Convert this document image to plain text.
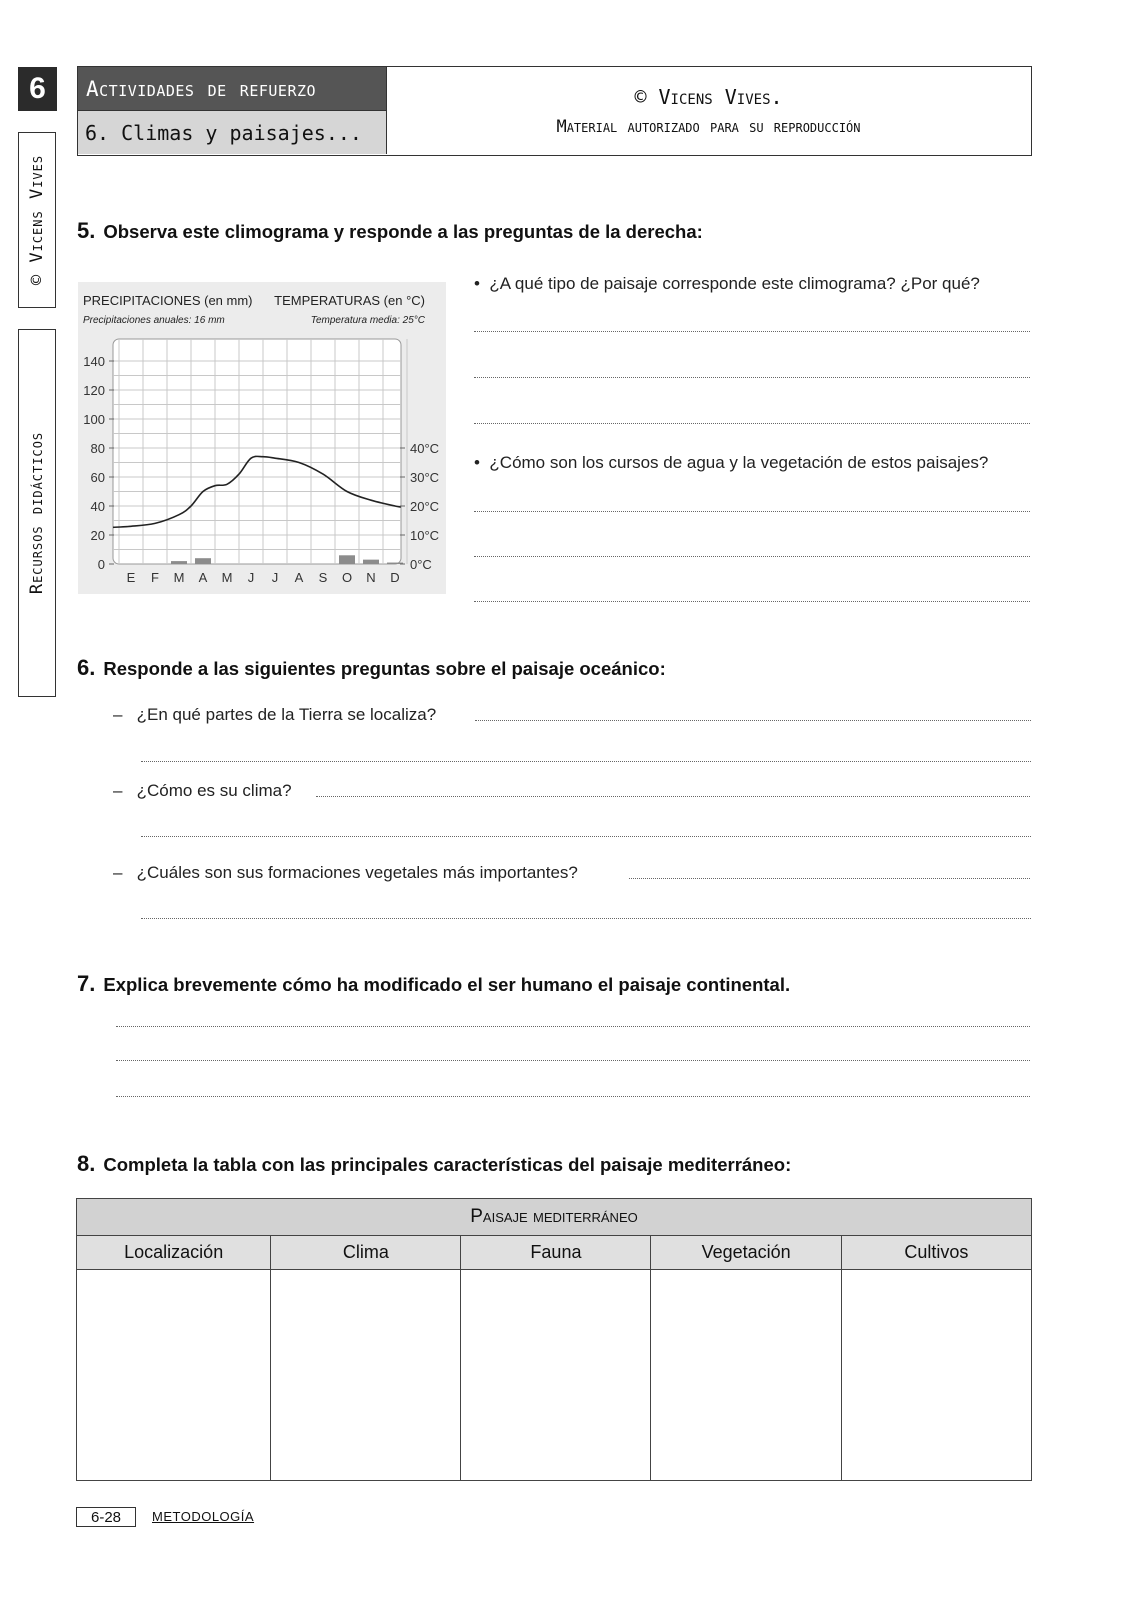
6
© Vicens Vives
Recursos didácticos
Actividades de refuerzo
6. Climas y paisajes...
© Vicens Vives.
Material autorizado para su reproducción
5. Observa este climograma y responde a las preguntas de la derecha:
PRECIPITACIONES (en mm)
Precipitaciones anuales: 16 mm
TEMPERATURAS (en °C)
Temperatura media: 25°C
0
20
40
60
80
100
120
140
0°C
10°C
20°C
30°C
40°C
E F M A M J J A S O N D
• ¿A qué tipo de paisaje corresponde este climograma? ¿Por qué?
• ¿Cómo son los cursos de agua y la vegetación de estos paisajes?
6. Responde a las siguientes preguntas sobre el paisaje oceánico:
–   ¿En qué partes de la Tierra se localiza?
–   ¿Cómo es su clima?
–   ¿Cuáles son sus formaciones vegetales más importantes?
7. Explica brevemente cómo ha modificado el ser humano el paisaje continental.
8. Completa la tabla con las principales características del paisaje mediterráneo:
Paisaje mediterráneo				
Localización	Clima	Fauna	Vegetación	Cultivos

6-28	METODOLOGÍA
